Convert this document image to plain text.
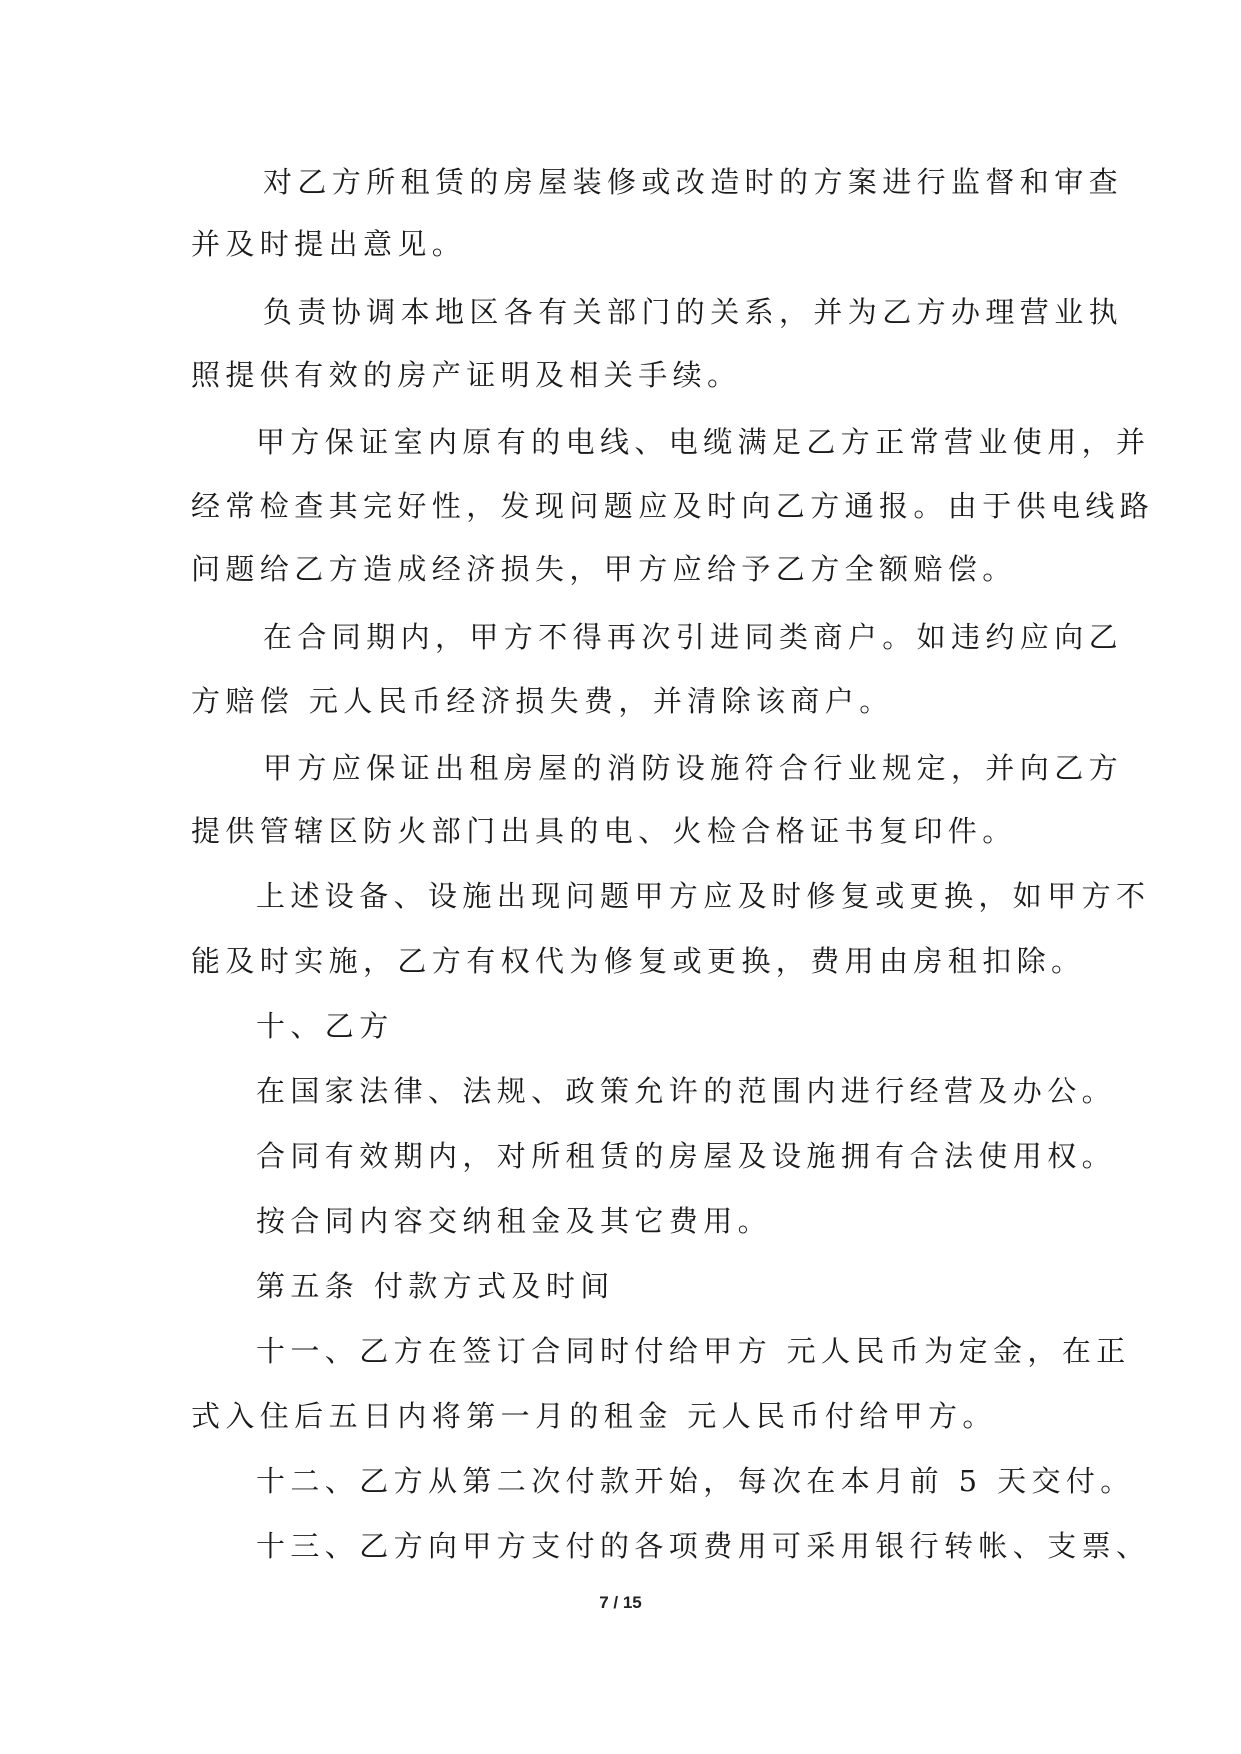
对乙方所租赁的房屋装修或改造时的方案进行监督和审查
并及时提出意见。
负责协调本地区各有关部门的关系，并为乙方办理营业执
照提供有效的房产证明及相关手续。
甲方保证室内原有的电线、电缆满足乙方正常营业使用，并
经常检查其完好性，发现问题应及时向乙方通报。由于供电线路
问题给乙方造成经济损失，甲方应给予乙方全额赔偿。
在合同期内，甲方不得再次引进同类商户。如违约应向乙
方赔偿 元人民币经济损失费，并清除该商户。
甲方应保证出租房屋的消防设施符合行业规定，并向乙方
提供管辖区防火部门出具的电、火检合格证书复印件。
上述设备、设施出现问题甲方应及时修复或更换，如甲方不
能及时实施，乙方有权代为修复或更换，费用由房租扣除。
十、乙方
在国家法律、法规、政策允许的范围内进行经营及办公。
合同有效期内，对所租赁的房屋及设施拥有合法使用权。
按合同内容交纳租金及其它费用。
第五条 付款方式及时间
十一、乙方在签订合同时付给甲方 元人民币为定金，在正
式入住后五日内将第一月的租金 元人民币付给甲方。
十二、乙方从第二次付款开始，每次在本月前 5 天交付。
十三、乙方向甲方支付的各项费用可采用银行转帐、支票、
7 / 15
